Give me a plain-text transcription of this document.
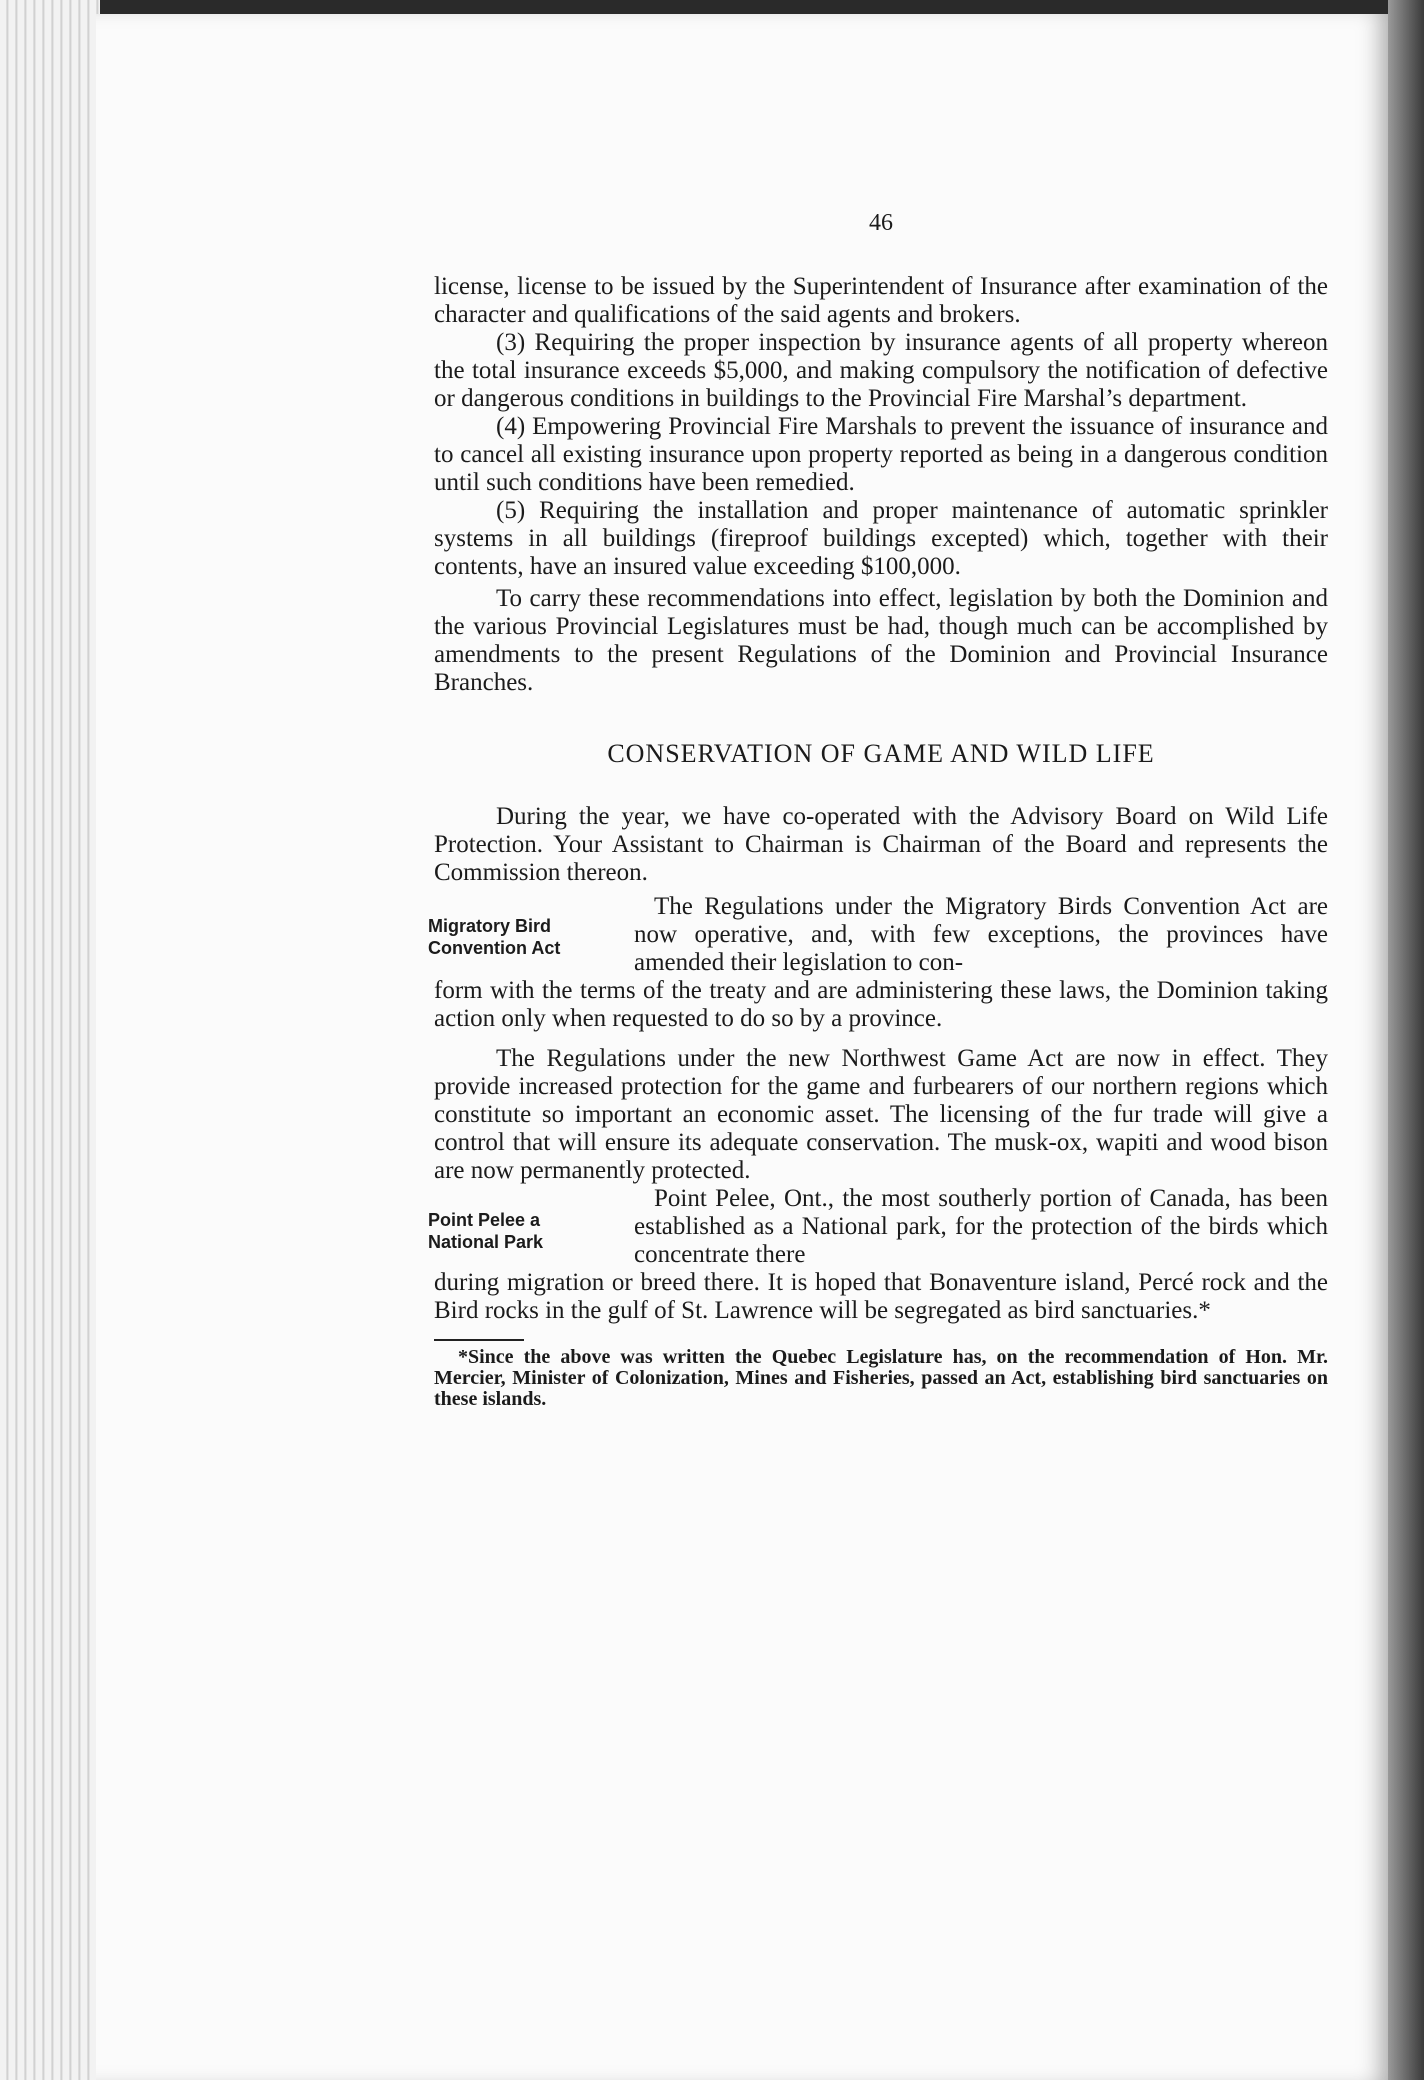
46

license, license to be issued by the Superintendent of Insurance after examination of the character and qualifications of the said agents and brokers.

(3) Requiring the proper inspection by insurance agents of all property whereon the total insurance exceeds $5,000, and making compulsory the notification of defective or dangerous conditions in buildings to the Provincial Fire Marshal’s department.

(4) Empowering Provincial Fire Marshals to prevent the issuance of insurance and to cancel all existing insurance upon property reported as being in a dangerous condition until such conditions have been remedied.

(5) Requiring the installation and proper maintenance of automatic sprinkler systems in all buildings (fireproof buildings excepted) which, together with their contents, have an insured value exceeding $100,000.

To carry these recommendations into effect, legislation by both the Dominion and the various Provincial Legislatures must be had, though much can be accomplished by amendments to the present Regulations of the Dominion and Provincial Insurance Branches.

CONSERVATION OF GAME AND WILD LIFE

During the year, we have co-operated with the Advisory Board on Wild Life Protection. Your Assistant to Chairman is Chairman of the Board and represents the Commission thereon.

Migratory Bird Convention Act

The Regulations under the Migratory Birds Convention Act are now operative, and, with few exceptions, the provinces have amended their legislation to con-

form with the terms of the treaty and are administering these laws, the Dominion taking action only when requested to do so by a province.

The Regulations under the new Northwest Game Act are now in effect. They provide increased protection for the game and furbearers of our northern regions which constitute so important an economic asset. The licensing of the fur trade will give a control that will ensure its adequate conservation. The musk-ox, wapiti and wood bison are now permanently protected.

Point Pelee a National Park

Point Pelee, Ont., the most southerly portion of Canada, has been established as a National park, for the protection of the birds which concentrate there

during migration or breed there. It is hoped that Bonaventure island, Percé rock and the Bird rocks in the gulf of St. Lawrence will be segregated as bird sanctuaries.*

*Since the above was written the Quebec Legislature has, on the recommendation of Hon. Mr. Mercier, Minister of Colonization, Mines and Fisheries, passed an Act, establishing bird sanctuaries on these islands.
